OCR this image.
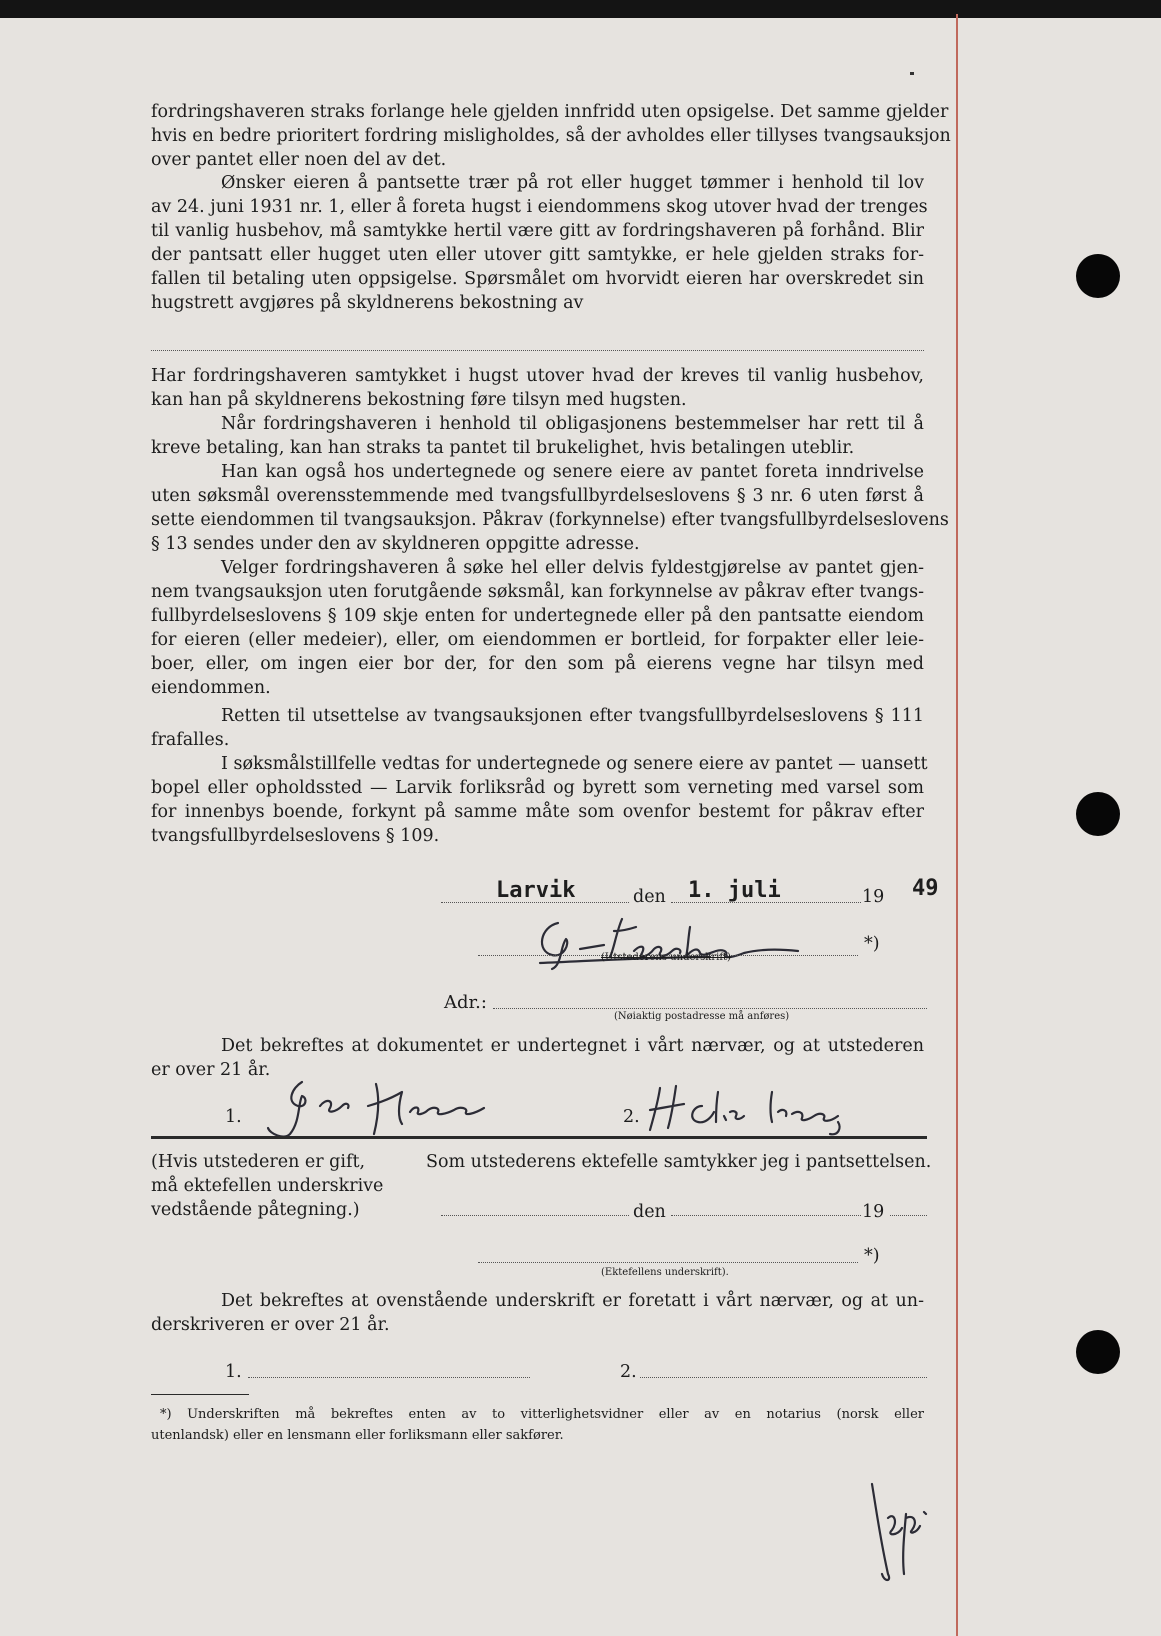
fordringshaveren straks forlange hele gjelden innfridd uten opsigelse. Det samme gjelder
hvis en bedre prioritert fordring misligholdes, så der avholdes eller tillyses tvangsauksjon
over pantet eller noen del av det.
Ønsker eieren å pantsette trær på rot eller hugget tømmer i henhold til lov
av 24. juni 1931 nr. 1, eller å foreta hugst i eiendommens skog utover hvad der trenges
til vanlig husbehov, må samtykke hertil være gitt av fordringshaveren på forhånd. Blir
der pantsatt eller hugget uten eller utover gitt samtykke, er hele gjelden straks for-
fallen til betaling uten oppsigelse. Spørsmålet om hvorvidt eieren har overskredet sin
hugstrett avgjøres på skyldnerens bekostning av
Har fordringshaveren samtykket i hugst utover hvad der kreves til vanlig husbehov,
kan han på skyldnerens bekostning føre tilsyn med hugsten.
Når fordringshaveren i henhold til obligasjonens bestemmelser har rett til å
kreve betaling, kan han straks ta pantet til brukelighet, hvis betalingen uteblir.
Han kan også hos undertegnede og senere eiere av pantet foreta inndrivelse
uten søksmål overensstemmende med tvangsfullbyrdelseslovens § 3 nr. 6 uten først å
sette eiendommen til tvangsauksjon. Påkrav (forkynnelse) efter tvangsfullbyrdelseslovens
§ 13 sendes under den av skyldneren oppgitte adresse.
Velger fordringshaveren å søke hel eller delvis fyldestgjørelse av pantet gjen-
nem tvangsauksjon uten forutgående søksmål, kan forkynnelse av påkrav efter tvangs-
fullbyrdelseslovens § 109 skje enten for undertegnede eller på den pantsatte eiendom
for eieren (eller medeier), eller, om eiendommen er bortleid, for forpakter eller leie-
boer, eller, om ingen eier bor der, for den som på eierens vegne har tilsyn med
eiendommen.
Retten til utsettelse av tvangsauksjonen efter tvangsfullbyrdelseslovens § 111
frafalles.
I søksmålstillfelle vedtas for undertegnede og senere eiere av pantet — uansett
bopel eller opholdssted — Larvik forliksråd og byrett som verneting med varsel som
for innenbys boende, forkynt på samme måte som ovenfor bestemt for påkrav efter
tvangsfullbyrdelseslovens § 109.
Larvik	den 1. juli	19 49
*)
(Utstederens underskrift)
Adr.:
(Nøiaktig postadresse må anføres)
Det bekreftes at dokumentet er undertegnet i vårt nærvær, og at utstederen
er over 21 år.
1.	2.
(Hvis utstederen er gift,
må ektefellen underskrive
vedstående påtegning.)
Som utstederens ektefelle samtykker jeg i pantsettelsen.
den	19
*)
(Ektefellens underskrift).
Det bekreftes at ovenstående underskrift er foretatt i vårt nærvær, og at un-
derskriveren er over 21 år.
1.	2.
*) Underskriften må bekreftes enten av to vitterlighetsvidner eller av en notarius (norsk eller
utenlandsk) eller en lensmann eller forliksmann eller sakfører.
